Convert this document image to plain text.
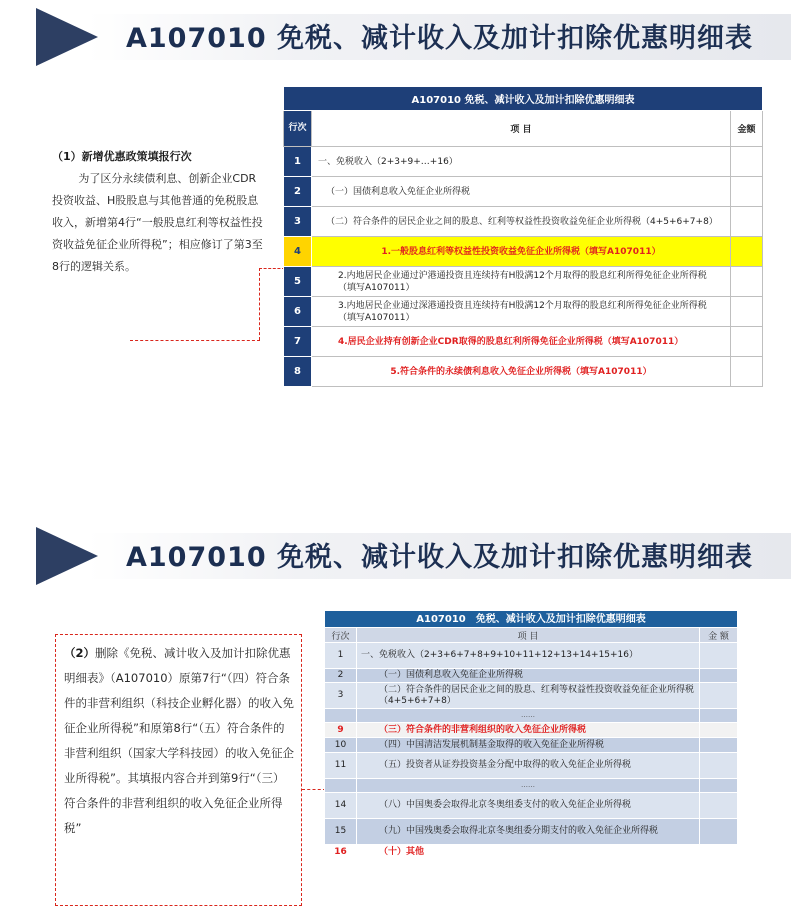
A107010 免税、减计收入及加计扣除优惠明细表
（1）新增优惠政策填报行次
为了区分永续债利息、创新企业CDR投资收益、H股股息与其他普通的免税股息收入，新增第4行“一般股息红利等权益性投资收益免征企业所得税”；相应修订了第3至8行的逻辑关系。
A107010 免税、减计收入及加计扣除优惠明细表		
行次	项 目	金额
1	一、免税收入（2+3+9+…+16）	
2	（一）国债利息收入免征企业所得税	
3	（二）符合条件的居民企业之间的股息、红利等权益性投资收益免征企业所得税（4+5+6+7+8）	
4	1.一般股息红利等权益性投资收益免征企业所得税（填写A107011）	
5	2.内地居民企业通过沪港通投资且连续持有H股满12个月取得的股息红利所得免征企业所得税（填写A107011）	
6	3.内地居民企业通过深港通投资且连续持有H股满12个月取得的股息红利所得免征企业所得税（填写A107011）	
7	4.居民企业持有创新企业CDR取得的股息红利所得免征企业所得税（填写A107011）	
8	5.符合条件的永续债利息收入免征企业所得税（填写A107011）	
A107010 免税、减计收入及加计扣除优惠明细表
（2）删除《免税、减计收入及加计扣除优惠明细表》（A107010）原第7行“（四）符合条件的非营利组织（科技企业孵化器）的收入免征企业所得税”和原第8行“（五）符合条件的非营利组织（国家大学科技园）的收入免征企业所得税”。其填报内容合并到第9行“（三）符合条件的非营利组织的收入免征企业所得税”
A107010　免税、减计收入及加计扣除优惠明细表		
行次	项 目	金 额
1	一、免税收入（2+3+6+7+8+9+10+11+12+13+14+15+16）	
2	（一）国债利息收入免征企业所得税	
3	（二）符合条件的居民企业之间的股息、红利等权益性投资收益免征企业所得税（4+5+6+7+8）	
	……	
9	（三）符合条件的非营利组织的收入免征企业所得税	
10	（四）中国清洁发展机制基金取得的收入免征企业所得税	
11	（五）投资者从证券投资基金分配中取得的收入免征企业所得税	
	……	
14	（八）中国奥委会取得北京冬奥组委支付的收入免征企业所得税	
15	（九）中国残奥委会取得北京冬奥组委分期支付的收入免征企业所得税	
16	（十）其他	
